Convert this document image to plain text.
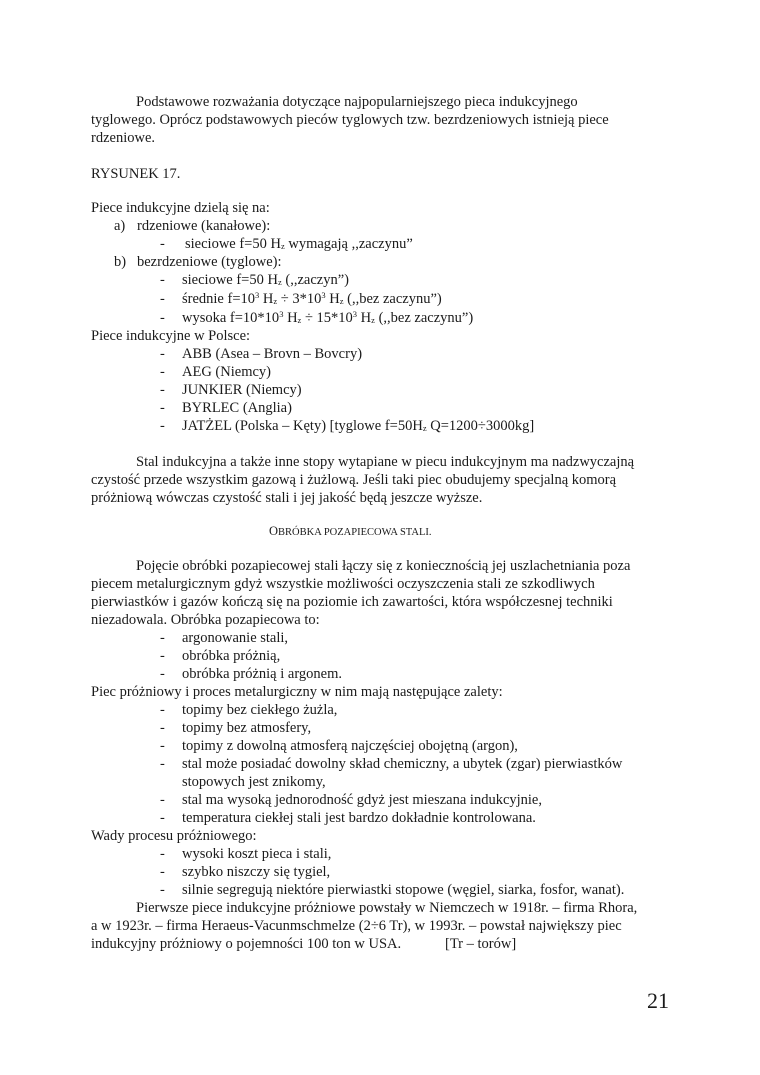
Podstawowe rozważania dotyczące najpopularniejszego pieca indukcyjnego
tyglowego. Oprócz podstawowych pieców tyglowych tzw. bezrdzeniowych istnieją piece
rdzeniowe.
RYSUNEK 17.
Piece indukcyjne dzielą się na:
a) rdzeniowe (kanałowe):
- sieciowe f=50 $H_z$ wymagają ,,zaczynu”
b) bezrdzeniowe (tyglowe):
- sieciowe f=50 $H_z$ (,,zaczyn”)
- średnie $f=10^3$ $H_z \div 3*10^3$ $H_z$ (,,bez zaczynu”)
- wysoka $f=10*10^3$ $H_z \div 15*10^3$ $H_z$ (,,bez zaczynu”)
Piece indukcyjne w Polsce:
- ABB (Asea – Brovn – Bovcry)
- AEG (Niemcy)
- JUNKIER (Niemcy)
- BYRLEC (Anglia)
- JATŻEL (Polska – Kęty) [tyglowe $f=50H_z$ Q=1200÷3000kg]
Stal indukcyjna a także inne stopy wytapiane w piecu indukcyjnym ma nadzwyczajną
czystość przede wszystkim gazową i żużlową. Jeśli taki piec obudujemy specjalną komorą
próżniową wówczas czystość stali i jej jakość będą jeszcze wyższe.
OBRÓBKA POZAPIECOWA STALI.
Pojęcie obróbki pozapiecowej stali łączy się z koniecznością jej uszlachetniania poza
piecem metalurgicznym gdyż wszystkie możliwości oczyszczenia stali ze szkodliwych
pierwiastków i gazów kończą się na poziomie ich zawartości, która współczesnej techniki
niezadowala. Obróbka pozapiecowa to:
- argonowanie stali,
- obróbka próżnią,
- obróbka próżnią i argonem.
Piec próżniowy i proces metalurgiczny w nim mają następujące zalety:
- topimy bez ciekłego żużla,
- topimy bez atmosfery,
- topimy z dowolną atmosferą najczęściej obojętną (argon),
- stal może posiadać dowolny skład chemiczny, a ubytek (zgar) pierwiastków
stopowych jest znikomy,
- stal ma wysoką jednorodność gdyż jest mieszana indukcyjnie,
- temperatura ciekłej stali jest bardzo dokładnie kontrolowana.
Wady procesu próżniowego:
- wysoki koszt pieca i stali,
- szybko niszczy się tygiel,
- silnie segregują niektóre pierwiastki stopowe (węgiel, siarka, fosfor, wanat).
Pierwsze piece indukcyjne próżniowe powstały w Niemczech w 1918r. – firma Rhora,
a w 1923r. – firma Heraeus-Vacunmschmelze (2÷6 Tr), w 1993r. – powstał największy piec
indukcyjny próżniowy o pojemności 100 ton w USA.	[Tr – torów]
21
